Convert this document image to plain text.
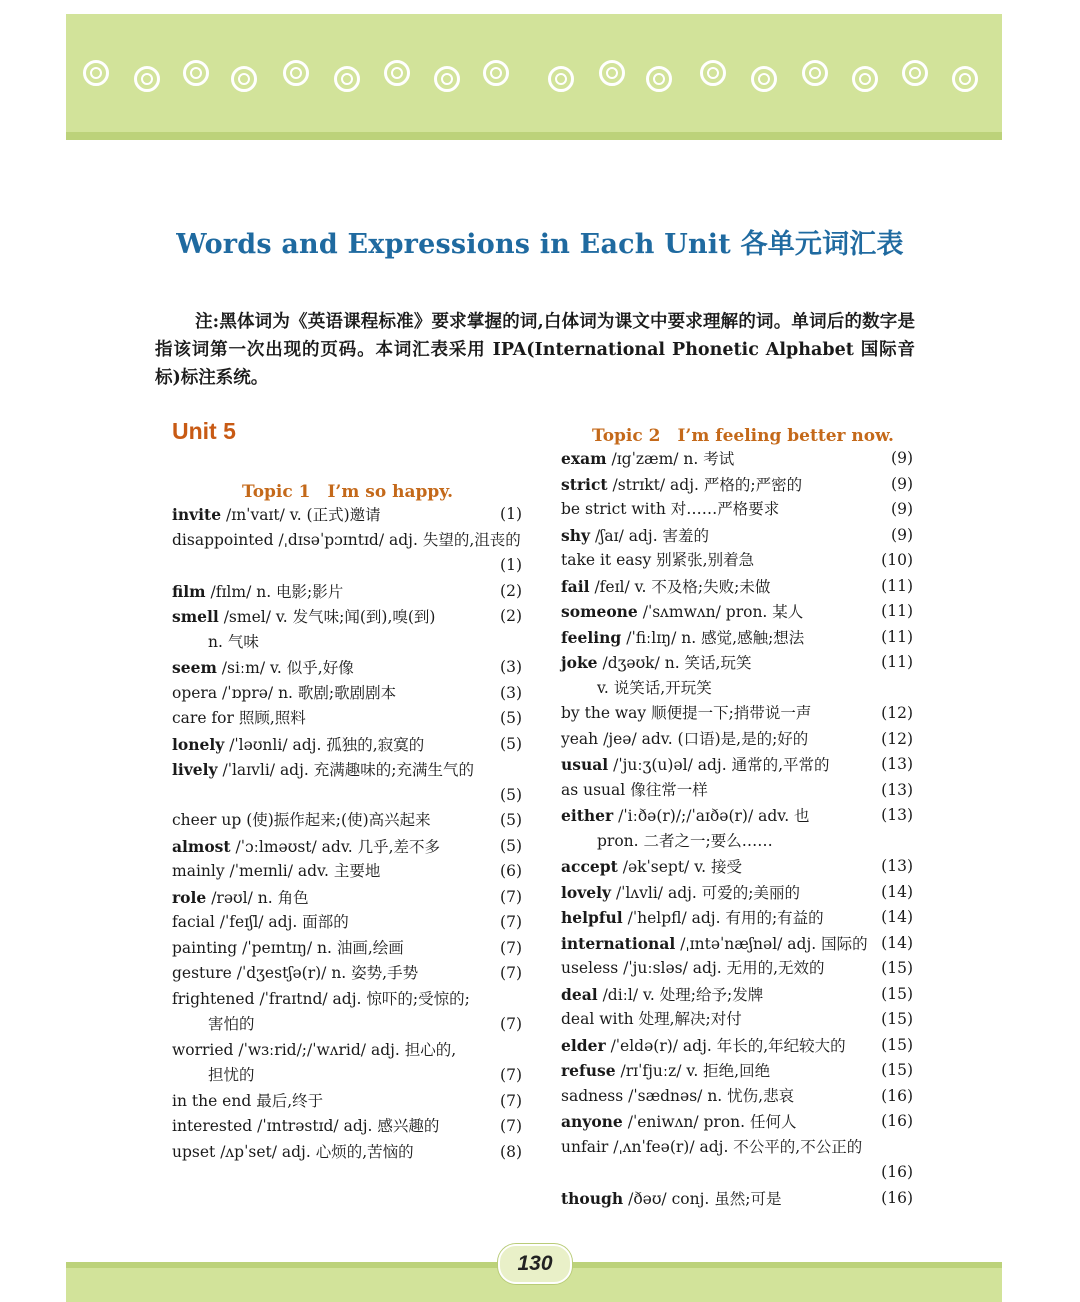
Words and Expressions in Each Unit 各单元词汇表
注:黑体词为《英语课程标准》要求掌握的词,白体词为课文中要求理解的词。单词后的数字是指该词第一次出现的页码。本词汇表采用 IPA(International Phonetic Alphabet 国际音标)标注系统。
Unit 5
Topic 1　I’m so happy.
Topic 2　I’m feeling better now.
invite /ɪnˈvaɪt/ v. (正式)邀请	(1)
disappointed /ˌdɪsəˈpɔɪntɪd/ adj. 失望的,沮丧的
(1)
film /fɪlm/ n. 电影;影片	(2)
smell /smel/ v. 发气味;闻(到),嗅(到)	(2)
n. 气味
seem /siːm/ v. 似乎,好像	(3)
opera /ˈɒprə/ n. 歌剧;歌剧剧本	(3)
care for 照顾,照料	(5)
lonely /ˈləʊnli/ adj. 孤独的,寂寞的	(5)
lively /ˈlaɪvli/ adj. 充满趣味的;充满生气的
(5)
cheer up (使)振作起来;(使)高兴起来	(5)
almost /ˈɔːlməʊst/ adv. 几乎,差不多	(5)
mainly /ˈmeɪnli/ adv. 主要地	(6)
role /rəʊl/ n. 角色	(7)
facial /ˈfeɪʃl/ adj. 面部的	(7)
painting /ˈpeɪntɪŋ/ n. 油画,绘画	(7)
gesture /ˈdʒestʃə(r)/ n. 姿势,手势	(7)
frightened /ˈfraɪtnd/ adj. 惊吓的;受惊的;
害怕的	(7)
worried /ˈwɜːrid/;/ˈwʌrid/ adj. 担心的,
担忧的	(7)
in the end 最后,终于	(7)
interested /ˈɪntrəstɪd/ adj. 感兴趣的	(7)
upset /ʌpˈset/ adj. 心烦的,苦恼的	(8)
exam /ɪgˈzæm/ n. 考试	(9)
strict /strɪkt/ adj. 严格的;严密的	(9)
be strict with 对……严格要求	(9)
shy /ʃaɪ/ adj. 害羞的	(9)
take it easy 别紧张,别着急	(10)
fail /feɪl/ v. 不及格;失败;未做	(11)
someone /ˈsʌmwʌn/ pron. 某人	(11)
feeling /ˈfiːlɪŋ/ n. 感觉,感触;想法	(11)
joke /dʒəʊk/ n. 笑话,玩笑	(11)
v. 说笑话,开玩笑
by the way 顺便提一下;捎带说一声	(12)
yeah /jeə/ adv. (口语)是,是的;好的	(12)
usual /ˈjuːʒ(u)əl/ adj. 通常的,平常的	(13)
as usual 像往常一样	(13)
either /ˈiːðə(r)/;/ˈaɪðə(r)/ adv. 也	(13)
pron. 二者之一;要么……
accept /əkˈsept/ v. 接受	(13)
lovely /ˈlʌvli/ adj. 可爱的;美丽的	(14)
helpful /ˈhelpfl/ adj. 有用的;有益的	(14)
international /ˌɪntəˈnæʃnəl/ adj. 国际的 (14)
useless /ˈjuːsləs/ adj. 无用的,无效的	(15)
deal /diːl/ v. 处理;给予;发牌	(15)
deal with 处理,解决;对付	(15)
elder /ˈeldə(r)/ adj. 年长的,年纪较大的 (15)
refuse /rɪˈfjuːz/ v. 拒绝,回绝	(15)
sadness /ˈsædnəs/ n. 忧伤,悲哀	(16)
anyone /ˈeniwʌn/ pron. 任何人	(16)
unfair /ˌʌnˈfeə(r)/ adj. 不公平的,不公正的
(16)
though /ðəʊ/ conj. 虽然;可是	(16)
130
